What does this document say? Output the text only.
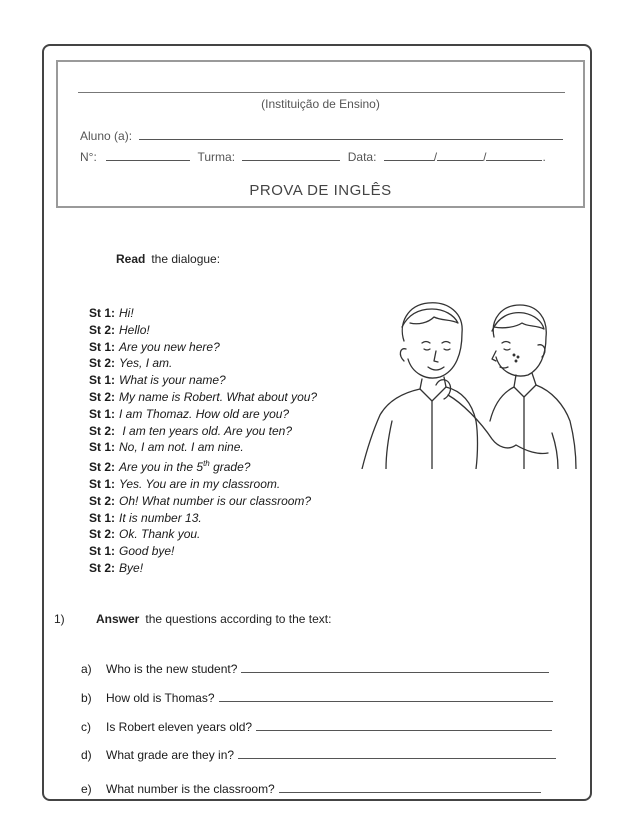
(Instituição de Ensino)
Aluno (a):
N°:	Turma:	Data:	/	/	.
PROVA DE INGLÊS
Read the dialogue:
St 1: Hi!
St 2: Hello!
St 1: Are you new here?
St 2: Yes, I am.
St 1: What is your name?
St 2: My name is Robert. What about you?
St 1: I am Thomaz. How old are you?
St 2: I am ten years old. Are you ten?
St 1: No, I am not. I am nine.
St 2: Are you in the 5th grade?
St 1: Yes. You are in my classroom.
St 2: Oh! What number is our classroom?
St 1: It is number 13.
St 2: Ok. Thank you.
St 1: Good bye!
St 2: Bye!
1)	Answer the questions according to the text:
a) Who is the new student?
b) How old is Thomas?
c) Is Robert eleven years old?
d) What grade are they in?
e) What number is the classroom?
